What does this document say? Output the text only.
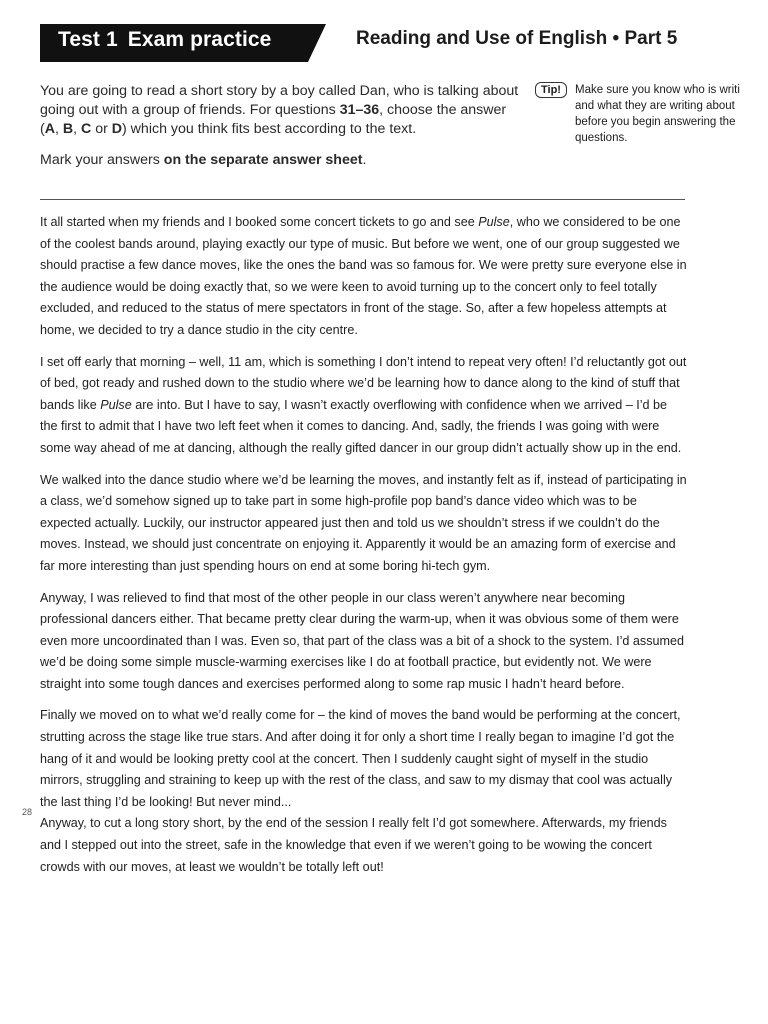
Test 1 Exam practice	Reading and Use of English • Part 5

You are going to read a short story by a boy called Dan, who is talking about going out with a group of friends. For questions 31–36, choose the answer (A, B, C or D) which you think fits best according to the text.

Mark your answers on the separate answer sheet.

Tip!	Make sure you know who is writi
and what they are writing about
before you begin answering the
questions.

It all started when my friends and I booked some concert tickets to go and see Pulse, who we considered to be one of the coolest bands around, playing exactly our type of music. But before we went, one of our group suggested we should practise a few dance moves, like the ones the band was so famous for. We were pretty sure everyone else in the audience would be doing exactly that, so we were keen to avoid turning up to the concert only to feel totally excluded, and reduced to the status of mere spectators in front of the stage. So, after a few hopeless attempts at home, we decided to try a dance studio in the city centre.

I set off early that morning – well, 11 am, which is something I don’t intend to repeat very often! I’d reluctantly got out of bed, got ready and rushed down to the studio where we’d be learning how to dance along to the kind of stuff that bands like Pulse are into. But I have to say, I wasn’t exactly overflowing with confidence when we arrived – I’d be the first to admit that I have two left feet when it comes to dancing. And, sadly, the friends I was going with were some way ahead of me at dancing, although the really gifted dancer in our group didn’t actually show up in the end.

We walked into the dance studio where we’d be learning the moves, and instantly felt as if, instead of participating in a class, we’d somehow signed up to take part in some high-profile pop band’s dance video which was to be expected actually. Luckily, our instructor appeared just then and told us we shouldn’t stress if we couldn’t do the moves. Instead, we should just concentrate on enjoying it. Apparently it would be an amazing form of exercise and far more interesting than just spending hours on end at some boring hi-tech gym.

Anyway, I was relieved to find that most of the other people in our class weren’t anywhere near becoming professional dancers either. That became pretty clear during the warm-up, when it was obvious some of them were even more uncoordinated than I was. Even so, that part of the class was a bit of a shock to the system. I’d assumed we’d be doing some simple muscle-warming exercises like I do at football practice, but evidently not. We were straight into some tough dances and exercises performed along to some rap music I hadn’t heard before.

Finally we moved on to what we’d really come for – the kind of moves the band would be performing at the concert, strutting across the stage like true stars. And after doing it for only a short time I really began to imagine I’d got the hang of it and would be looking pretty cool at the concert. Then I suddenly caught sight of myself in the studio mirrors, struggling and straining to keep up with the rest of the class, and saw to my dismay that cool was actually the last thing I’d be looking! But never mind...

Anyway, to cut a long story short, by the end of the session I really felt I’d got somewhere. Afterwards, my friends and I stepped out into the street, safe in the knowledge that even if we weren’t going to be wowing the concert crowds with our moves, at least we wouldn’t be totally left out!

28
